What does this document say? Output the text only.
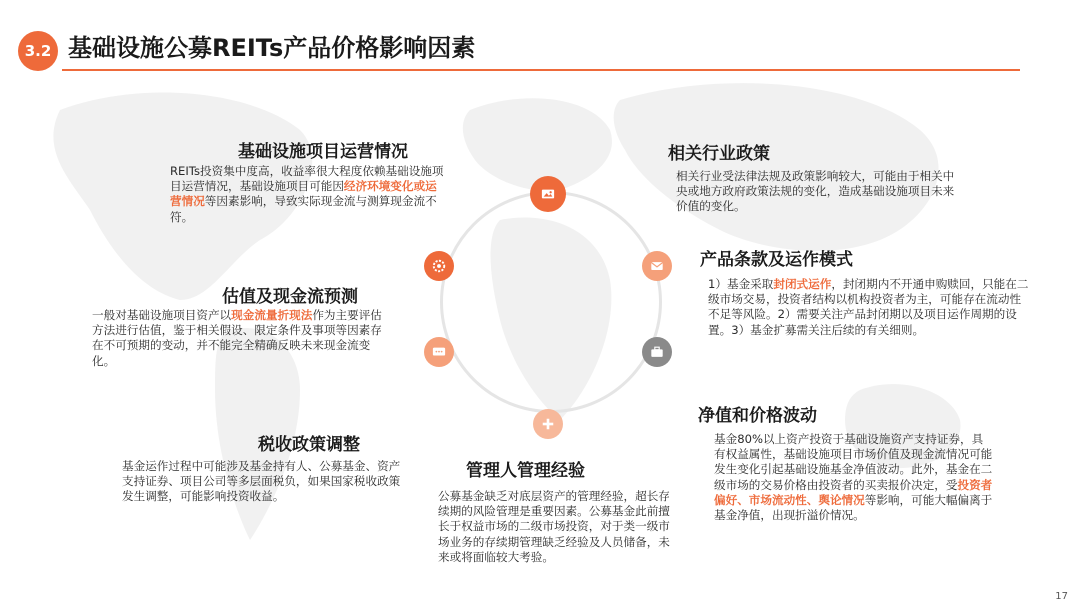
3.2 基础设施公募REITs产品价格影响因素
基础设施项目运营情况
REITs投资集中度高，收益率很大程度依赖基础设施项目运营情况，基础设施项目可能因经济环境变化或运营情况等因素影响，导致实际现金流与测算现金流不符。
估值及现金流预测
一般对基础设施项目资产以现金流量折现法作为主要评估方法进行估值，鉴于相关假设、限定条件及事项等因素存在不可预期的变动，并不能完全精确反映未来现金流变化。
税收政策调整
基金运作过程中可能涉及基金持有人、公募基金、资产支持证券、项目公司等多层面税负，如果国家税收政策发生调整，可能影响投资收益。
管理人管理经验
公募基金缺乏对底层资产的管理经验，超长存续期的风险管理是重要因素。公募基金此前擅长于权益市场的二级市场投资，对于类一级市场业务的存续期管理缺乏经验及人员储备，未来或将面临较大考验。
相关行业政策
相关行业受法律法规及政策影响较大，可能由于相关中央或地方政府政策法规的变化，造成基础设施项目未来价值的变化。
产品条款及运作模式
1）基金采取封闭式运作，封闭期内不开通申购赎回，只能在二级市场交易，投资者结构以机构投资者为主，可能存在流动性不足等风险。2）需要关注产品封闭期以及项目运作周期的设置。3）基金扩募需关注后续的有关细则。
净值和价格波动
基金80%以上资产投资于基础设施资产支持证券，具有权益属性，基础设施项目市场价值及现金流情况可能发生变化引起基础设施基金净值波动。此外，基金在二级市场的交易价格由投资者的买卖报价决定，受投资者偏好、市场流动性、舆论情况等影响，可能大幅偏离于基金净值，出现折溢价情况。
17
